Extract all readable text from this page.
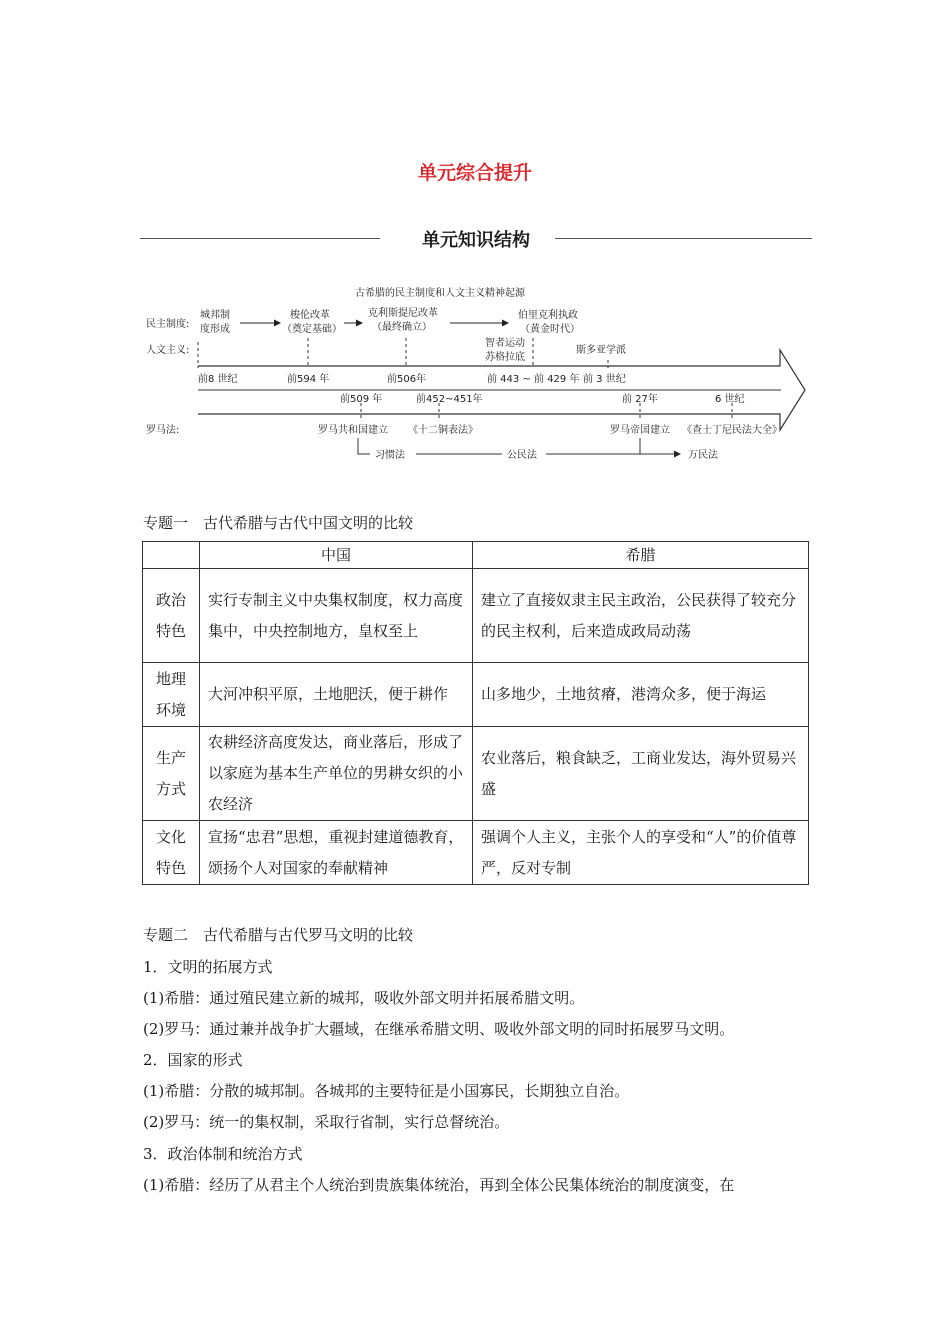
单元综合提升
单元知识结构
古希腊的民主制度和人文主义精神起源
民主制度:
人文主义:
罗马法:
城邦制
度形成
梭伦改革
（奠定基础）
克利斯提尼改革
（最终确立）
伯里克利执政
（黄金时代）
智者运动
苏格拉底
斯多亚学派
前8 世纪	前594 年	前506年	前 443 ~ 前 429 年 前 3 世纪
前509 年	前452~451年	前 27年	6 世纪
罗马共和国建立 《十二铜表法》	罗马帝国建立 《查士丁尼民法大全》
习惯法	公民法	万民法
专题一　古代希腊与古代中国文明的比较
	中国	希腊
政治
特色	实行专制主义中央集权制度，权力高度集中，中央控制地方，皇权至上	建立了直接奴隶主民主政治，公民获得了较充分的民主权利，后来造成政局动荡
地理
环境	大河冲积平原，土地肥沃，便于耕作	山多地少，土地贫瘠，港湾众多，便于海运
生产
方式	农耕经济高度发达，商业落后，形成了以家庭为基本生产单位的男耕女织的小农经济	农业落后，粮食缺乏，工商业发达，海外贸易兴盛
文化
特色	宣扬“忠君”思想，重视封建道德教育，颂扬个人对国家的奉献精神	强调个人主义，主张个人的享受和“人”的价值尊严，反对专制
专题二　古代希腊与古代罗马文明的比较
1．文明的拓展方式
(1)希腊：通过殖民建立新的城邦，吸收外部文明并拓展希腊文明。
(2)罗马：通过兼并战争扩大疆域，在继承希腊文明、吸收外部文明的同时拓展罗马文明。
2．国家的形式
(1)希腊：分散的城邦制。各城邦的主要特征是小国寡民，长期独立自治。
(2)罗马：统一的集权制，采取行省制，实行总督统治。
3．政治体制和统治方式
(1)希腊：经历了从君主个人统治到贵族集体统治，再到全体公民集体统治的制度演变，在
